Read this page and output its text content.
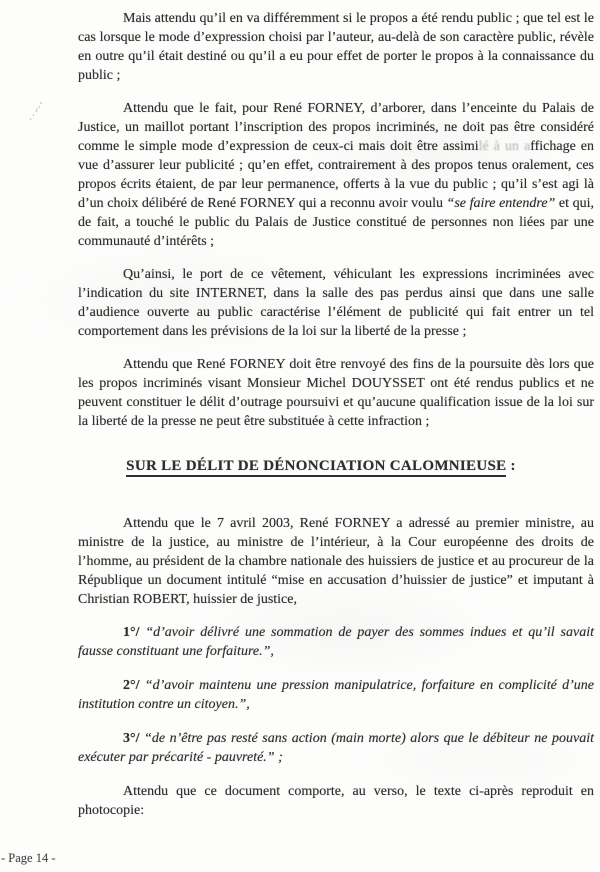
Mais attendu qu’il en va différemment si le propos a été rendu public ; que tel est le cas lorsque le mode d’expression choisi par l’auteur, au-delà de son caractère public, révèle en outre qu’il était destiné ou qu’il a eu pour effet de porter le propos à la connaissance du public ;

Attendu que le fait, pour René FORNEY, d’arborer, dans l’enceinte du Palais de Justice, un maillot portant l’inscription des propos incriminés, ne doit pas être considéré comme le simple mode d’expression de ceux-ci mais doit être assimilé à un affichage en vue d’assurer leur publicité ; qu’en effet, contrairement à des propos tenus oralement, ces propos écrits étaient, de par leur permanence, offerts à la vue du public ; qu’il s’est agi là d’un choix délibéré de René FORNEY qui a reconnu avoir voulu “se faire entendre” et qui, de fait, a touché le public du Palais de Justice constitué de personnes non liées par une communauté d’intérêts ;

Qu’ainsi, le port de ce vêtement, véhiculant les expressions incriminées avec l’indication du site INTERNET, dans la salle des pas perdus ainsi que dans une salle d’audience ouverte au public caractérise l’élément de publicité qui fait entrer un tel comportement dans les prévisions de la loi sur la liberté de la presse ;

Attendu que René FORNEY doit être renvoyé des fins de la poursuite dès lors que les propos incriminés visant Monsieur Michel DOUYSSET ont été rendus publics et ne peuvent constituer le délit d’outrage poursuivi et qu’aucune qualification issue de la loi sur la liberté de la presse ne peut être substituée à cette infraction ;

SUR LE DÉLIT DE DÉNONCIATION CALOMNIEUSE :

Attendu que le 7 avril 2003, René FORNEY a adressé au premier ministre, au ministre de la justice, au ministre de l’intérieur, à la Cour européenne des droits de l’homme, au président de la chambre nationale des huissiers de justice et au procureur de la République un document intitulé “mise en accusation d’huissier de justice” et imputant à Christian ROBERT, huissier de justice,

1°/ “d’avoir délivré une sommation de payer des sommes indues et qu’il savait fausse constituant une forfaiture.”,

2°/ “d’avoir maintenu une pression manipulatrice, forfaiture en complicité d’une institution contre un citoyen.”,

3°/ “de n’être pas resté sans action (main morte) alors que le débiteur ne pouvait exécuter par précarité - pauvreté.” ;

Attendu que ce document comporte, au verso, le texte ci-après reproduit en photocopie:

- Page 14 -
